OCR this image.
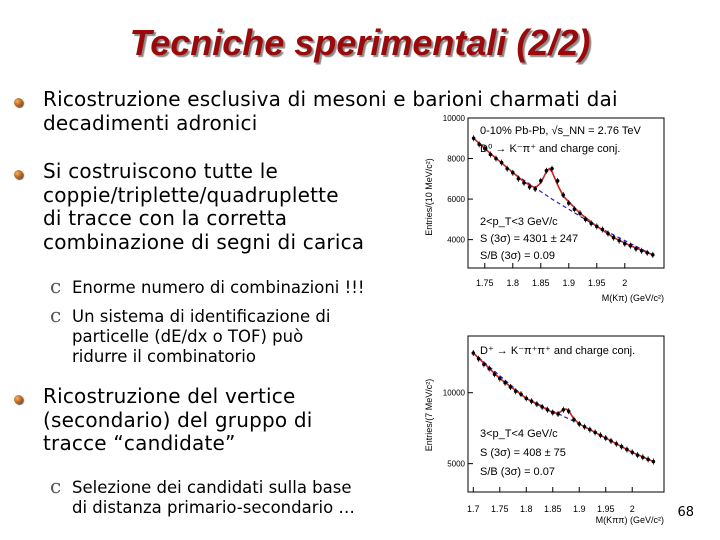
Tecniche sperimentali (2/2)
Ricostruzione esclusiva di mesoni e barioni charmati dai
decadimenti adronici
Si costruiscono tutte le
coppie/triplette/quadruplette
di tracce con la corretta
combinazione di segni di carica
c Enorme numero di combinazioni !!!
c Un sistema di identificazione di
particelle (dE/dx o TOF) può
ridurre il combinatorio
Ricostruzione del vertice
(secondario) del gruppo di
tracce “candidate”
c Selezione dei candidati sulla base
di distanza primario-secondario …
1.75 1.8 1.85 1.9 1.95 2
4000
6000
8000
10000
Entries/(10 MeV/c²)
M(Kπ) (GeV/c²)
0-10% Pb-Pb, √s_NN = 2.76 TeV
D⁰ → K⁻π⁺ and charge conj.
2<p_T<3 GeV/c
S (3σ) = 4301 ± 247
S/B (3σ) = 0.09
1.7 1.75 1.8 1.85 1.9 1.95 2
5000
10000
Entries/(7 MeV/c²)
M(Kππ) (GeV/c²)
D⁺ → K⁻π⁺π⁺ and charge conj.
3<p_T<4 GeV/c
S (3σ) = 408 ± 75
S/B (3σ) = 0.07
68
